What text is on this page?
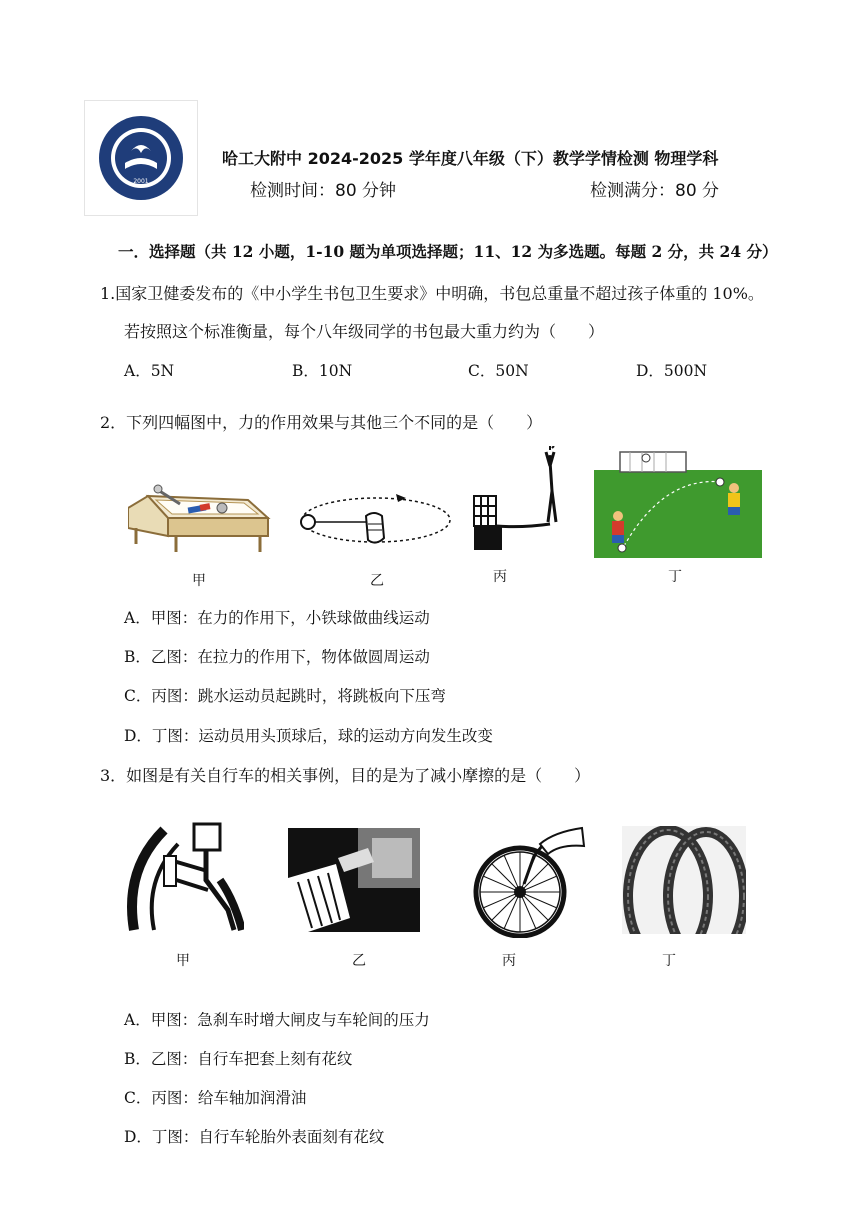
2001
哈工大附中 2024-2025 学年度八年级（下）教学学情检测 物理学科
检测时间：80 分钟	检测满分：80 分
一．选择题（共 12 小题，1-10 题为单项选择题；11、12 为多选题。每题 2 分，共 24 分）
1.国家卫健委发布的《中小学生书包卫生要求》中明确，书包总重量不超过孩子体重的 10%。
若按照这个标准衡量，每个八年级同学的书包最大重力约为（　　）
A．5N	B．10N	C．50N	D．500N
2．下列四幅图中，力的作用效果与其他三个不同的是（　　）
甲	乙	丙	丁
A．甲图：在力的作用下，小铁球做曲线运动
B．乙图：在拉力的作用下，物体做圆周运动
C．丙图：跳水运动员起跳时，将跳板向下压弯
D．丁图：运动员用头顶球后，球的运动方向发生改变
3．如图是有关自行车的相关事例，目的是为了减小摩擦的是（　　）
甲	乙	丙	丁
A．甲图：急刹车时增大闸皮与车轮间的压力
B．乙图：自行车把套上刻有花纹
C．丙图：给车轴加润滑油
D．丁图：自行车轮胎外表面刻有花纹
